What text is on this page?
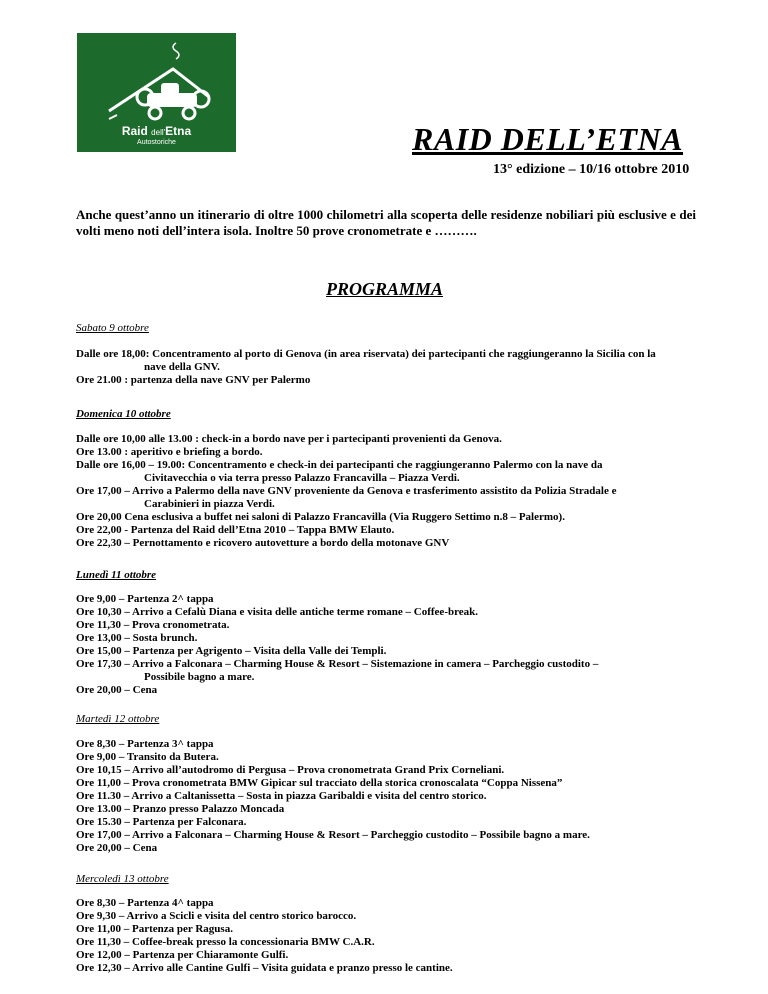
Raid dell'Etna
Autostoriche	RAID DELL’ETNA
13° edizione – 10/16 ottobre 2010
Anche quest’anno un itinerario di oltre 1000 chilometri alla scoperta delle residenze nobiliari più esclusive e dei volti meno noti dell’intera isola. Inoltre 50 prove cronometrate e ……….
PROGRAMMA
Sabato 9 ottobre
Dalle ore 18,00: Concentramento al porto di Genova (in area riservata) dei partecipanti che raggiungeranno la Sicilia con la
nave della GNV.
Ore 21.00 : partenza della nave GNV per Palermo
Domenica 10 ottobre
Dalle ore 10,00 alle 13.00 : check-in a bordo nave per i partecipanti provenienti da Genova.
Ore 13.00 : aperitivo e briefing a bordo.
Dalle ore 16,00 – 19.00: Concentramento e check-in dei partecipanti che raggiungeranno Palermo con la nave da
Civitavecchia o via terra presso Palazzo Francavilla – Piazza Verdi.
Ore 17,00 – Arrivo a Palermo della nave GNV proveniente da Genova e trasferimento assistito da Polizia Stradale e
Carabinieri in piazza Verdi.
Ore 20,00 Cena esclusiva a buffet nei saloni di Palazzo Francavilla (Via Ruggero Settimo n.8 – Palermo).
Ore 22,00 - Partenza del Raid dell’Etna 2010 – Tappa BMW Elauto.
Ore 22,30 – Pernottamento e ricovero autovetture a bordo della motonave GNV
Lunedì 11 ottobre
Ore 9,00 – Partenza 2^ tappa
Ore 10,30 – Arrivo a Cefalù Diana e visita delle antiche terme romane – Coffee-break.
Ore 11,30 – Prova cronometrata.
Ore 13,00 – Sosta brunch.
Ore 15,00 – Partenza per Agrigento – Visita della Valle dei Templi.
Ore 17,30 – Arrivo a Falconara – Charming House & Resort – Sistemazione in camera – Parcheggio custodito –
Possibile bagno a mare.
Ore 20,00 – Cena
Martedì 12 ottobre
Ore 8,30 – Partenza 3^ tappa
Ore 9,00 – Transito da Butera.
Ore 10,15 – Arrivo all’autodromo di Pergusa – Prova cronometrata Grand Prix Corneliani.
Ore 11,00 – Prova cronometrata BMW Gipicar sul tracciato della storica cronoscalata “Coppa Nissena”
Ore 11.30 – Arrivo a Caltanissetta – Sosta in piazza Garibaldi e visita del centro storico.
Ore 13.00 – Pranzo presso Palazzo Moncada
Ore 15.30 – Partenza per Falconara.
Ore 17,00 – Arrivo a Falconara – Charming House & Resort – Parcheggio custodito – Possibile bagno a mare.
Ore 20,00 – Cena
Mercoledì 13 ottobre
Ore 8,30 – Partenza 4^ tappa
Ore 9,30 – Arrivo a Scicli e visita del centro storico barocco.
Ore 11,00 – Partenza per Ragusa.
Ore 11,30 – Coffee-break presso la concessionaria BMW C.A.R.
Ore 12,00 – Partenza per Chiaramonte Gulfi.
Ore 12,30 – Arrivo alle Cantine Gulfi – Visita guidata e pranzo presso le cantine.
